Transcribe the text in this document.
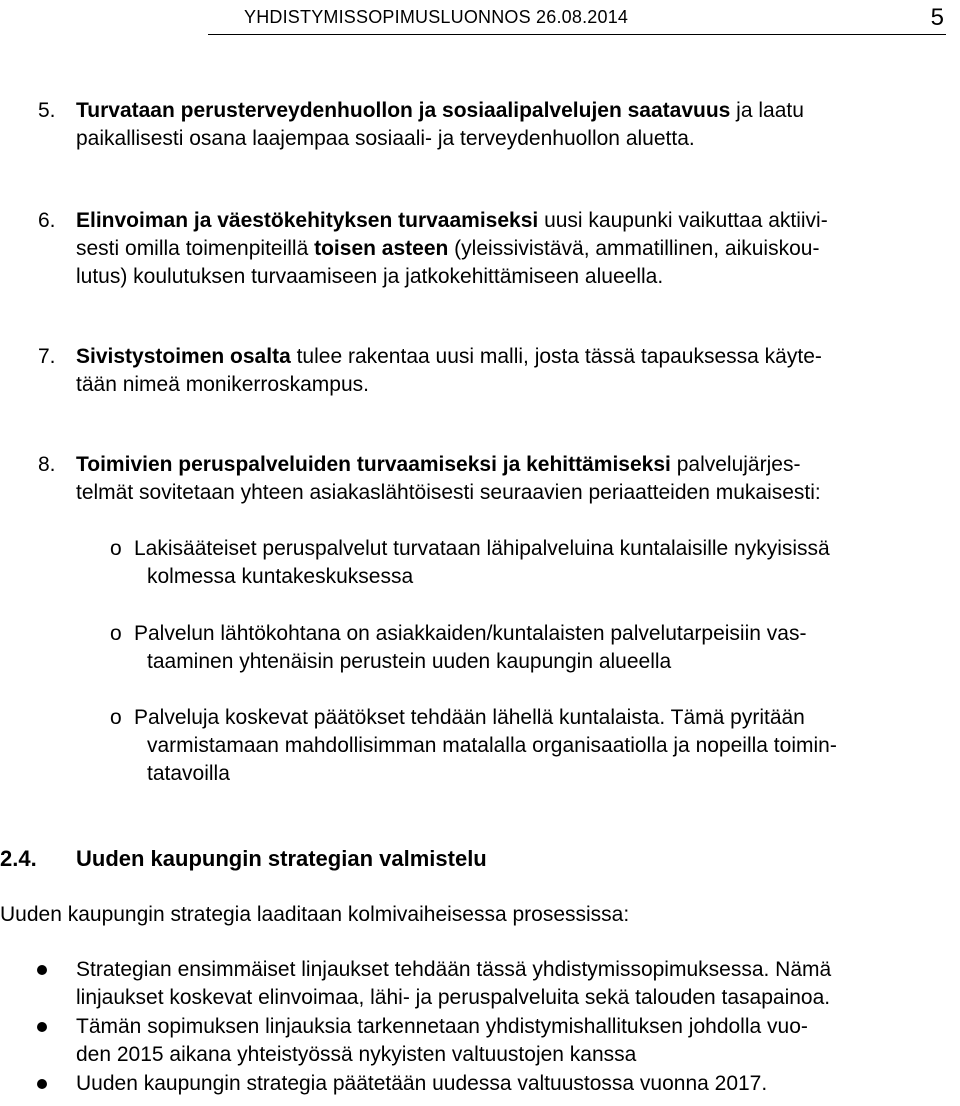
YHDISTYMISSOPIMUSLUONNOS 26.08.2014	5
5. Turvataan perusterveydenhuollon ja sosiaalipalvelujen saatavuus ja laatu
paikallisesti osana laajempaa sosiaali- ja terveydenhuollon aluetta.
6. Elinvoiman ja väestökehityksen turvaamiseksi uusi kaupunki vaikuttaa aktiivi-
sesti omilla toimenpiteillä toisen asteen (yleissivistävä, ammatillinen, aikuiskou-
lutus) koulutuksen turvaamiseen ja jatkokehittämiseen alueella.
7. Sivistystoimen osalta tulee rakentaa uusi malli, josta tässä tapauksessa käyte-
tään nimeä monikerroskampus.
8. Toimivien peruspalveluiden turvaamiseksi ja kehittämiseksi palvelujärjes-
telmät sovitetaan yhteen asiakaslähtöisesti seuraavien periaatteiden mukaisesti:
o Lakisääteiset peruspalvelut turvataan lähipalveluina kuntalaisille nykyisissä
kolmessa kuntakeskuksessa
o Palvelun lähtökohtana on asiakkaiden/kuntalaisten palvelutarpeisiin vas-
taaminen yhtenäisin perustein uuden kaupungin alueella
o Palveluja koskevat päätökset tehdään lähellä kuntalaista. Tämä pyritään
varmistamaan mahdollisimman matalalla organisaatiolla ja nopeilla toimin-
tatavoilla
2.4. Uuden kaupungin strategian valmistelu
Uuden kaupungin strategia laaditaan kolmivaiheisessa prosessissa:
Strategian ensimmäiset linjaukset tehdään tässä yhdistymissopimuksessa. Nämä
linjaukset koskevat elinvoimaa, lähi- ja peruspalveluita sekä talouden tasapainoa.
Tämän sopimuksen linjauksia tarkennetaan yhdistymishallituksen johdolla vuo-
den 2015 aikana yhteistyössä nykyisten valtuustojen kanssa
Uuden kaupungin strategia päätetään uudessa valtuustossa vuonna 2017.
